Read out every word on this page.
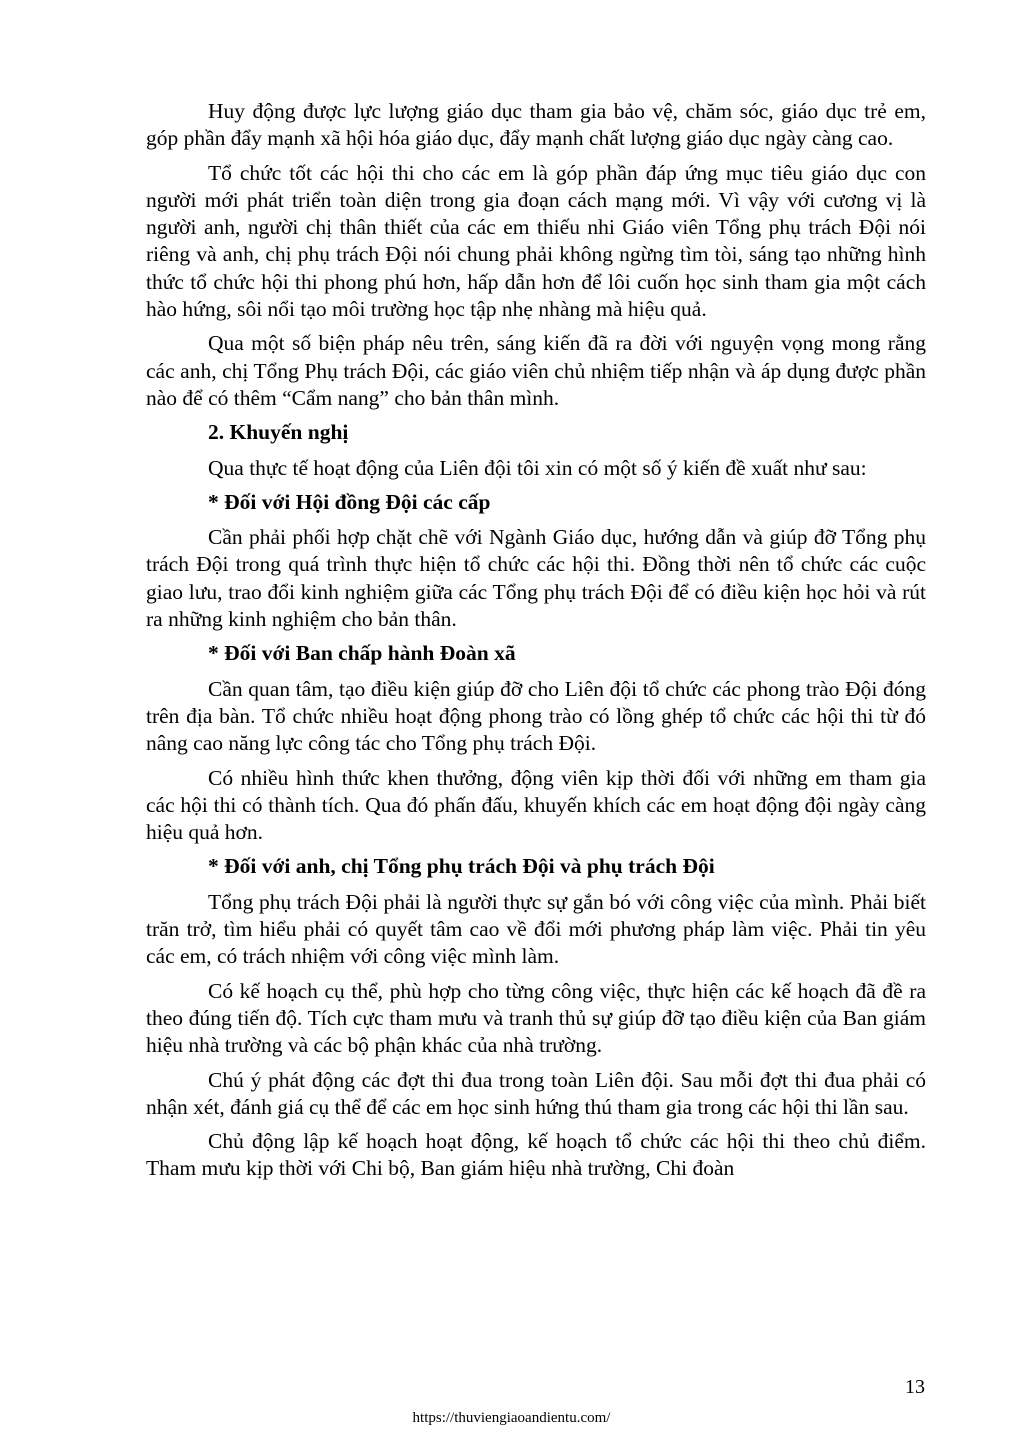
Huy động được lực lượng giáo dục tham gia bảo vệ, chăm sóc, giáo dục trẻ em, góp phần đẩy mạnh xã hội hóa giáo dục, đẩy mạnh chất lượng giáo dục ngày càng cao.

Tổ chức tốt các hội thi cho các em là góp phần đáp ứng mục tiêu giáo dục con người mới phát triển toàn diện trong gia đoạn cách mạng mới. Vì vậy với cương vị là người anh, người chị thân thiết của các em thiếu nhi Giáo viên Tổng phụ trách Đội nói riêng và anh, chị phụ trách Đội nói chung phải không ngừng tìm tòi, sáng tạo những hình thức tổ chức hội thi phong phú hơn, hấp dẫn hơn để lôi cuốn học sinh tham gia một cách hào hứng, sôi nổi tạo môi trường học tập nhẹ nhàng mà hiệu quả.

Qua một số biện pháp nêu trên, sáng kiến đã ra đời với nguyện vọng mong rằng các anh, chị Tổng Phụ trách Đội, các giáo viên chủ nhiệm tiếp nhận và áp dụng được phần nào để có thêm “Cẩm nang” cho bản thân mình.

2. Khuyến nghị

Qua thực tế hoạt động của Liên đội tôi xin có một số ý kiến đề xuất như sau:

* Đối với Hội đồng Đội các cấp

Cần phải phối hợp chặt chẽ với Ngành Giáo dục, hướng dẫn và giúp đỡ Tổng phụ trách Đội trong quá trình thực hiện tổ chức các hội thi. Đồng thời nên tổ chức các cuộc giao lưu, trao đổi kinh nghiệm giữa các Tổng phụ trách Đội để có điều kiện học hỏi và rút ra những kinh nghiệm cho bản thân.

* Đối với Ban chấp hành Đoàn xã

Cần quan tâm, tạo điều kiện giúp đỡ cho Liên đội tổ chức các phong trào Đội đóng trên địa bàn. Tổ chức nhiều hoạt động phong trào có lồng ghép tổ chức các hội thi từ đó nâng cao năng lực công tác cho Tổng phụ trách Đội.

Có nhiều hình thức khen thưởng, động viên kịp thời đối với những em tham gia các hội thi có thành tích. Qua đó phấn đấu, khuyến khích các em hoạt động đội ngày càng hiệu quả hơn.

* Đối với anh, chị Tổng phụ trách Đội và phụ trách Đội

Tổng phụ trách Đội phải là người thực sự gắn bó với công việc của mình. Phải biết trăn trở, tìm hiểu phải có quyết tâm cao về đổi mới phương pháp làm việc. Phải tin yêu các em, có trách nhiệm với công việc mình làm.

Có kế hoạch cụ thể, phù hợp cho từng công việc, thực hiện các kế hoạch đã đề ra theo đúng tiến độ. Tích cực tham mưu và tranh thủ sự giúp đỡ tạo điều kiện của Ban giám hiệu nhà trường và các bộ phận khác của nhà trường.

Chú ý phát động các đợt thi đua trong toàn Liên đội. Sau mỗi đợt thi đua phải có nhận xét, đánh giá cụ thể để các em học sinh hứng thú tham gia trong các hội thi lần sau.

Chủ động lập kế hoạch hoạt động, kế hoạch tổ chức các hội thi theo chủ điểm. Tham mưu kịp thời với Chi bộ, Ban giám hiệu nhà trường, Chi đoàn

13
https://thuviengiaoandientu.com/
